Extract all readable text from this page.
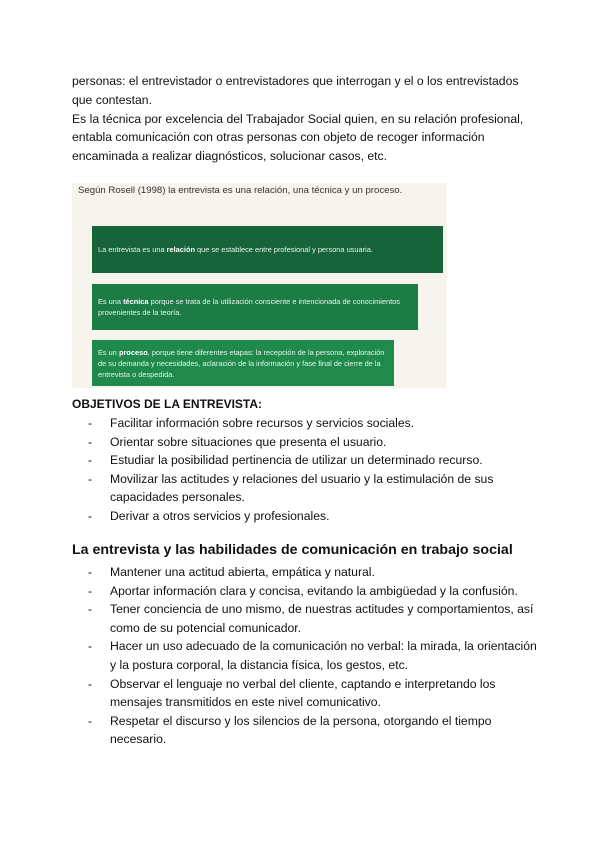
personas: el entrevistador o entrevistadores que interrogan y el o los entrevistados
que contestan.
Es la técnica por excelencia del Trabajador Social quien, en su relación profesional,
entabla comunicación con otras personas con objeto de recoger información
encaminada a realizar diagnósticos, solucionar casos, etc.
Según Rosell (1998) la entrevista es una relación, una técnica y un proceso.
La entrevista es una relación que se establece entre profesional y persona usuaria.
Es una técnica porque se trata de la utilización consciente e intencionada de conocimientos provenientes de la teoría.
Es un proceso, porque tiene diferentes etapas: la recepción de la persona, exploración de su demanda y necesidades, aclaración de la información y fase final de cierre de la entrevista o despedida.
OBJETIVOS DE LA ENTREVISTA:
- Facilitar información sobre recursos y servicios sociales.
- Orientar sobre situaciones que presenta el usuario.
- Estudiar la posibilidad pertinencia de utilizar un determinado recurso.
- Movilizar las actitudes y relaciones del usuario y la estimulación de sus capacidades personales.
- Derivar a otros servicios y profesionales.
La entrevista y las habilidades de comunicación en trabajo social
- Mantener una actitud abierta, empática y natural.
- Aportar información clara y concisa, evitando la ambigüedad y la confusión.
- Tener conciencia de uno mismo, de nuestras actitudes y comportamientos, así como de su potencial comunicador.
- Hacer un uso adecuado de la comunicación no verbal: la mirada, la orientación y la postura corporal, la distancia física, los gestos, etc.
- Observar el lenguaje no verbal del cliente, captando e interpretando los mensajes transmitidos en este nivel comunicativo.
- Respetar el discurso y los silencios de la persona, otorgando el tiempo necesario.
